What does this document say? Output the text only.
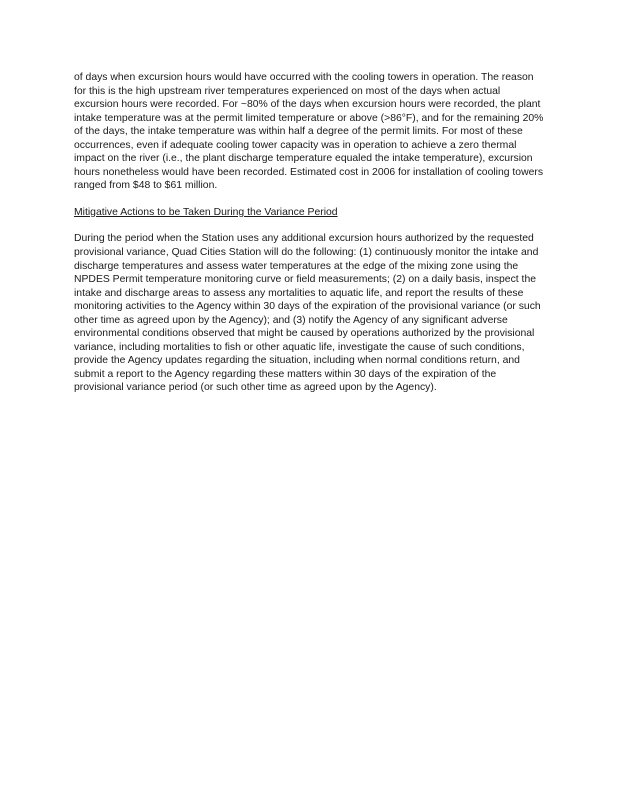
of days when excursion hours would have occurred with the cooling towers in operation. The reason for this is the high upstream river temperatures experienced on most of the days when actual excursion hours were recorded. For ~80% of the days when excursion hours were recorded, the plant intake temperature was at the permit limited temperature or above (>86°F), and for the remaining 20% of the days, the intake temperature was within half a degree of the permit limits. For most of these occurrences, even if adequate cooling tower capacity was in operation to achieve a zero thermal impact on the river (i.e., the plant discharge temperature equaled the intake temperature), excursion hours nonetheless would have been recorded. Estimated cost in 2006 for installation of cooling towers ranged from $48 to $61 million.

Mitigative Actions to be Taken During the Variance Period

During the period when the Station uses any additional excursion hours authorized by the requested provisional variance, Quad Cities Station will do the following: (1) continuously monitor the intake and discharge temperatures and assess water temperatures at the edge of the mixing zone using the NPDES Permit temperature monitoring curve or field measurements; (2) on a daily basis, inspect the intake and discharge areas to assess any mortalities to aquatic life, and report the results of these monitoring activities to the Agency within 30 days of the expiration of the provisional variance (or such other time as agreed upon by the Agency); and (3) notify the Agency of any significant adverse environmental conditions observed that might be caused by operations authorized by the provisional variance, including mortalities to fish or other aquatic life, investigate the cause of such conditions, provide the Agency updates regarding the situation, including when normal conditions return, and submit a report to the Agency regarding these matters within 30 days of the expiration of the provisional variance period (or such other time as agreed upon by the Agency).
